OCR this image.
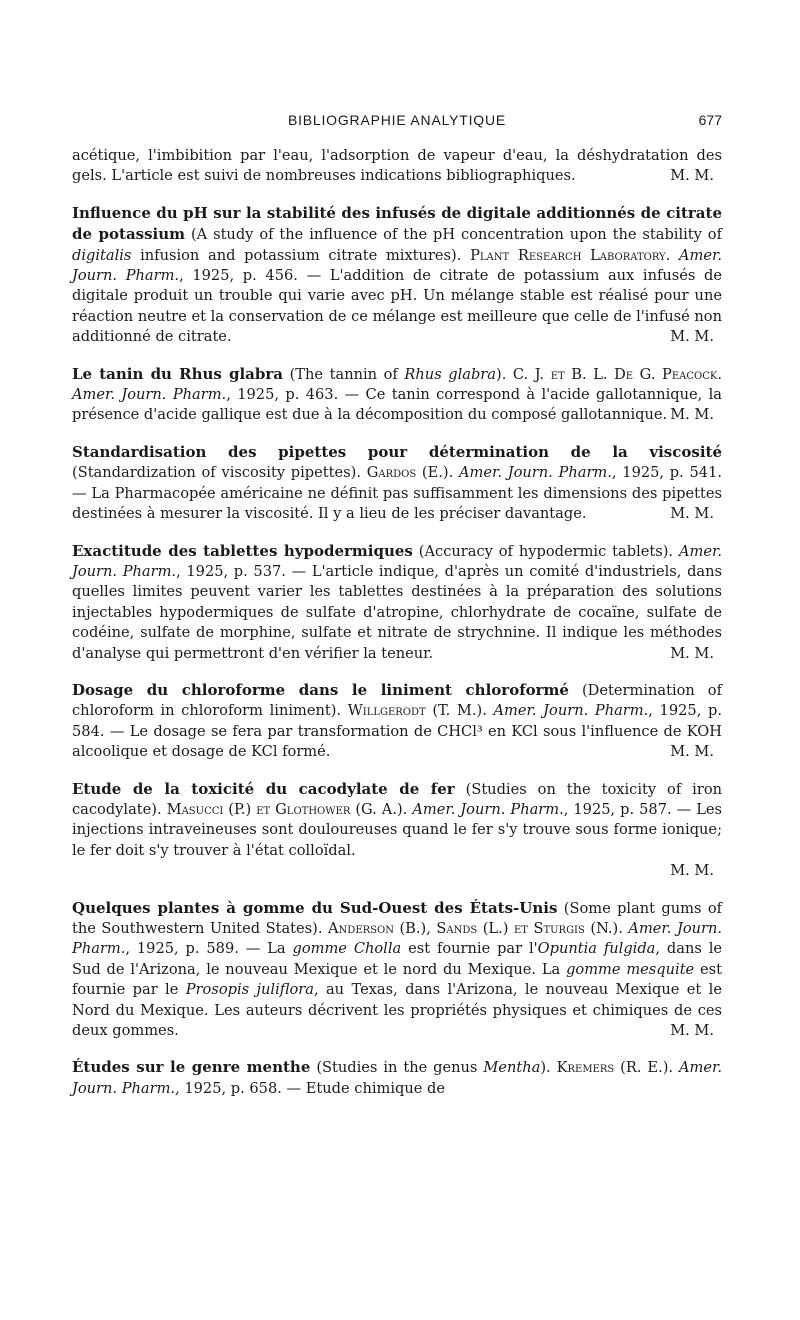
BIBLIOGRAPHIE ANALYTIQUE	677

acétique, l'imbibition par l'eau, l'adsorption de vapeur d'eau, la déshydratation des gels. L'article est suivi de nombreuses indications bibliographiques.	M. M.

Influence du pH sur la stabilité des infusés de digitale additionnés de citrate de potassium (A study of the influence of the pH concentration upon the stability of digitalis infusion and potassium citrate mixtures). Plant Research Laboratory. Amer. Journ. Pharm., 1925, p. 456. — L'addition de citrate de potassium aux infusés de digitale produit un trouble qui varie avec pH. Un mélange stable est réalisé pour une réaction neutre et la conservation de ce mélange est meilleure que celle de l'infusé non additionné de citrate.	M. M.

Le tanin du Rhus glabra (The tannin of Rhus glabra). C. J. et B. L. De G. Peacock. Amer. Journ. Pharm., 1925, p. 463. — Ce tanin correspond à l'acide gallotannique, la présence d'acide gallique est due à la décomposition du composé gallotannique. M. M.

Standardisation des pipettes pour détermination de la viscosité (Standardization of viscosity pipettes). Gardos (E.). Amer. Journ. Pharm., 1925, p. 541. — La Pharmacopée américaine ne définit pas suffisamment les dimensions des pipettes destinées à mesurer la viscosité. Il y a lieu de les préciser davantage.	M. M.

Exactitude des tablettes hypodermiques (Accuracy of hypodermic tablets). Amer. Journ. Pharm., 1925, p. 537. — L'article indique, d'après un comité d'industriels, dans quelles limites peuvent varier les tablettes destinées à la préparation des solutions injectables hypodermiques de sulfate d'atropine, chlorhydrate de cocaïne, sulfate de codéine, sulfate de morphine, sulfate et nitrate de strychnine. Il indique les méthodes d'analyse qui permettront d'en vérifier la teneur.	M. M.

Dosage du chloroforme dans le liniment chloroformé (Determination of chloroform in chloroform liniment). Willgerodt (T. M.). Amer. Journ. Pharm., 1925, p. 584. — Le dosage se fera par transformation de CHCl³ en KCl sous l'influence de KOH alcoolique et dosage de KCl formé.	M. M.

Etude de la toxicité du cacodylate de fer (Studies on the toxicity of iron cacodylate). Masucci (P.) et Glothower (G. A.). Amer. Journ. Pharm., 1925, p. 587. — Les injections intraveineuses sont douloureuses quand le fer s'y trouve sous forme ionique; le fer doit s'y trouver à l'état colloïdal.

M. M.

Quelques plantes à gomme du Sud-Ouest des États-Unis (Some plant gums of the Southwestern United States). Anderson (B.), Sands (L.) et Sturgis (N.). Amer. Journ. Pharm., 1925, p. 589. — La gomme Cholla est fournie par l'Opuntia fulgida, dans le Sud de l'Arizona, le nouveau Mexique et le nord du Mexique. La gomme mesquite est fournie par le Prosopis juliflora, au Texas, dans l'Arizona, le nouveau Mexique et le Nord du Mexique. Les auteurs décrivent les propriétés physiques et chimiques de ces deux gommes.	M. M.

Études sur le genre menthe (Studies in the genus Mentha). Kremers (R. E.). Amer. Journ. Pharm., 1925, p. 658. — Etude chimique de
